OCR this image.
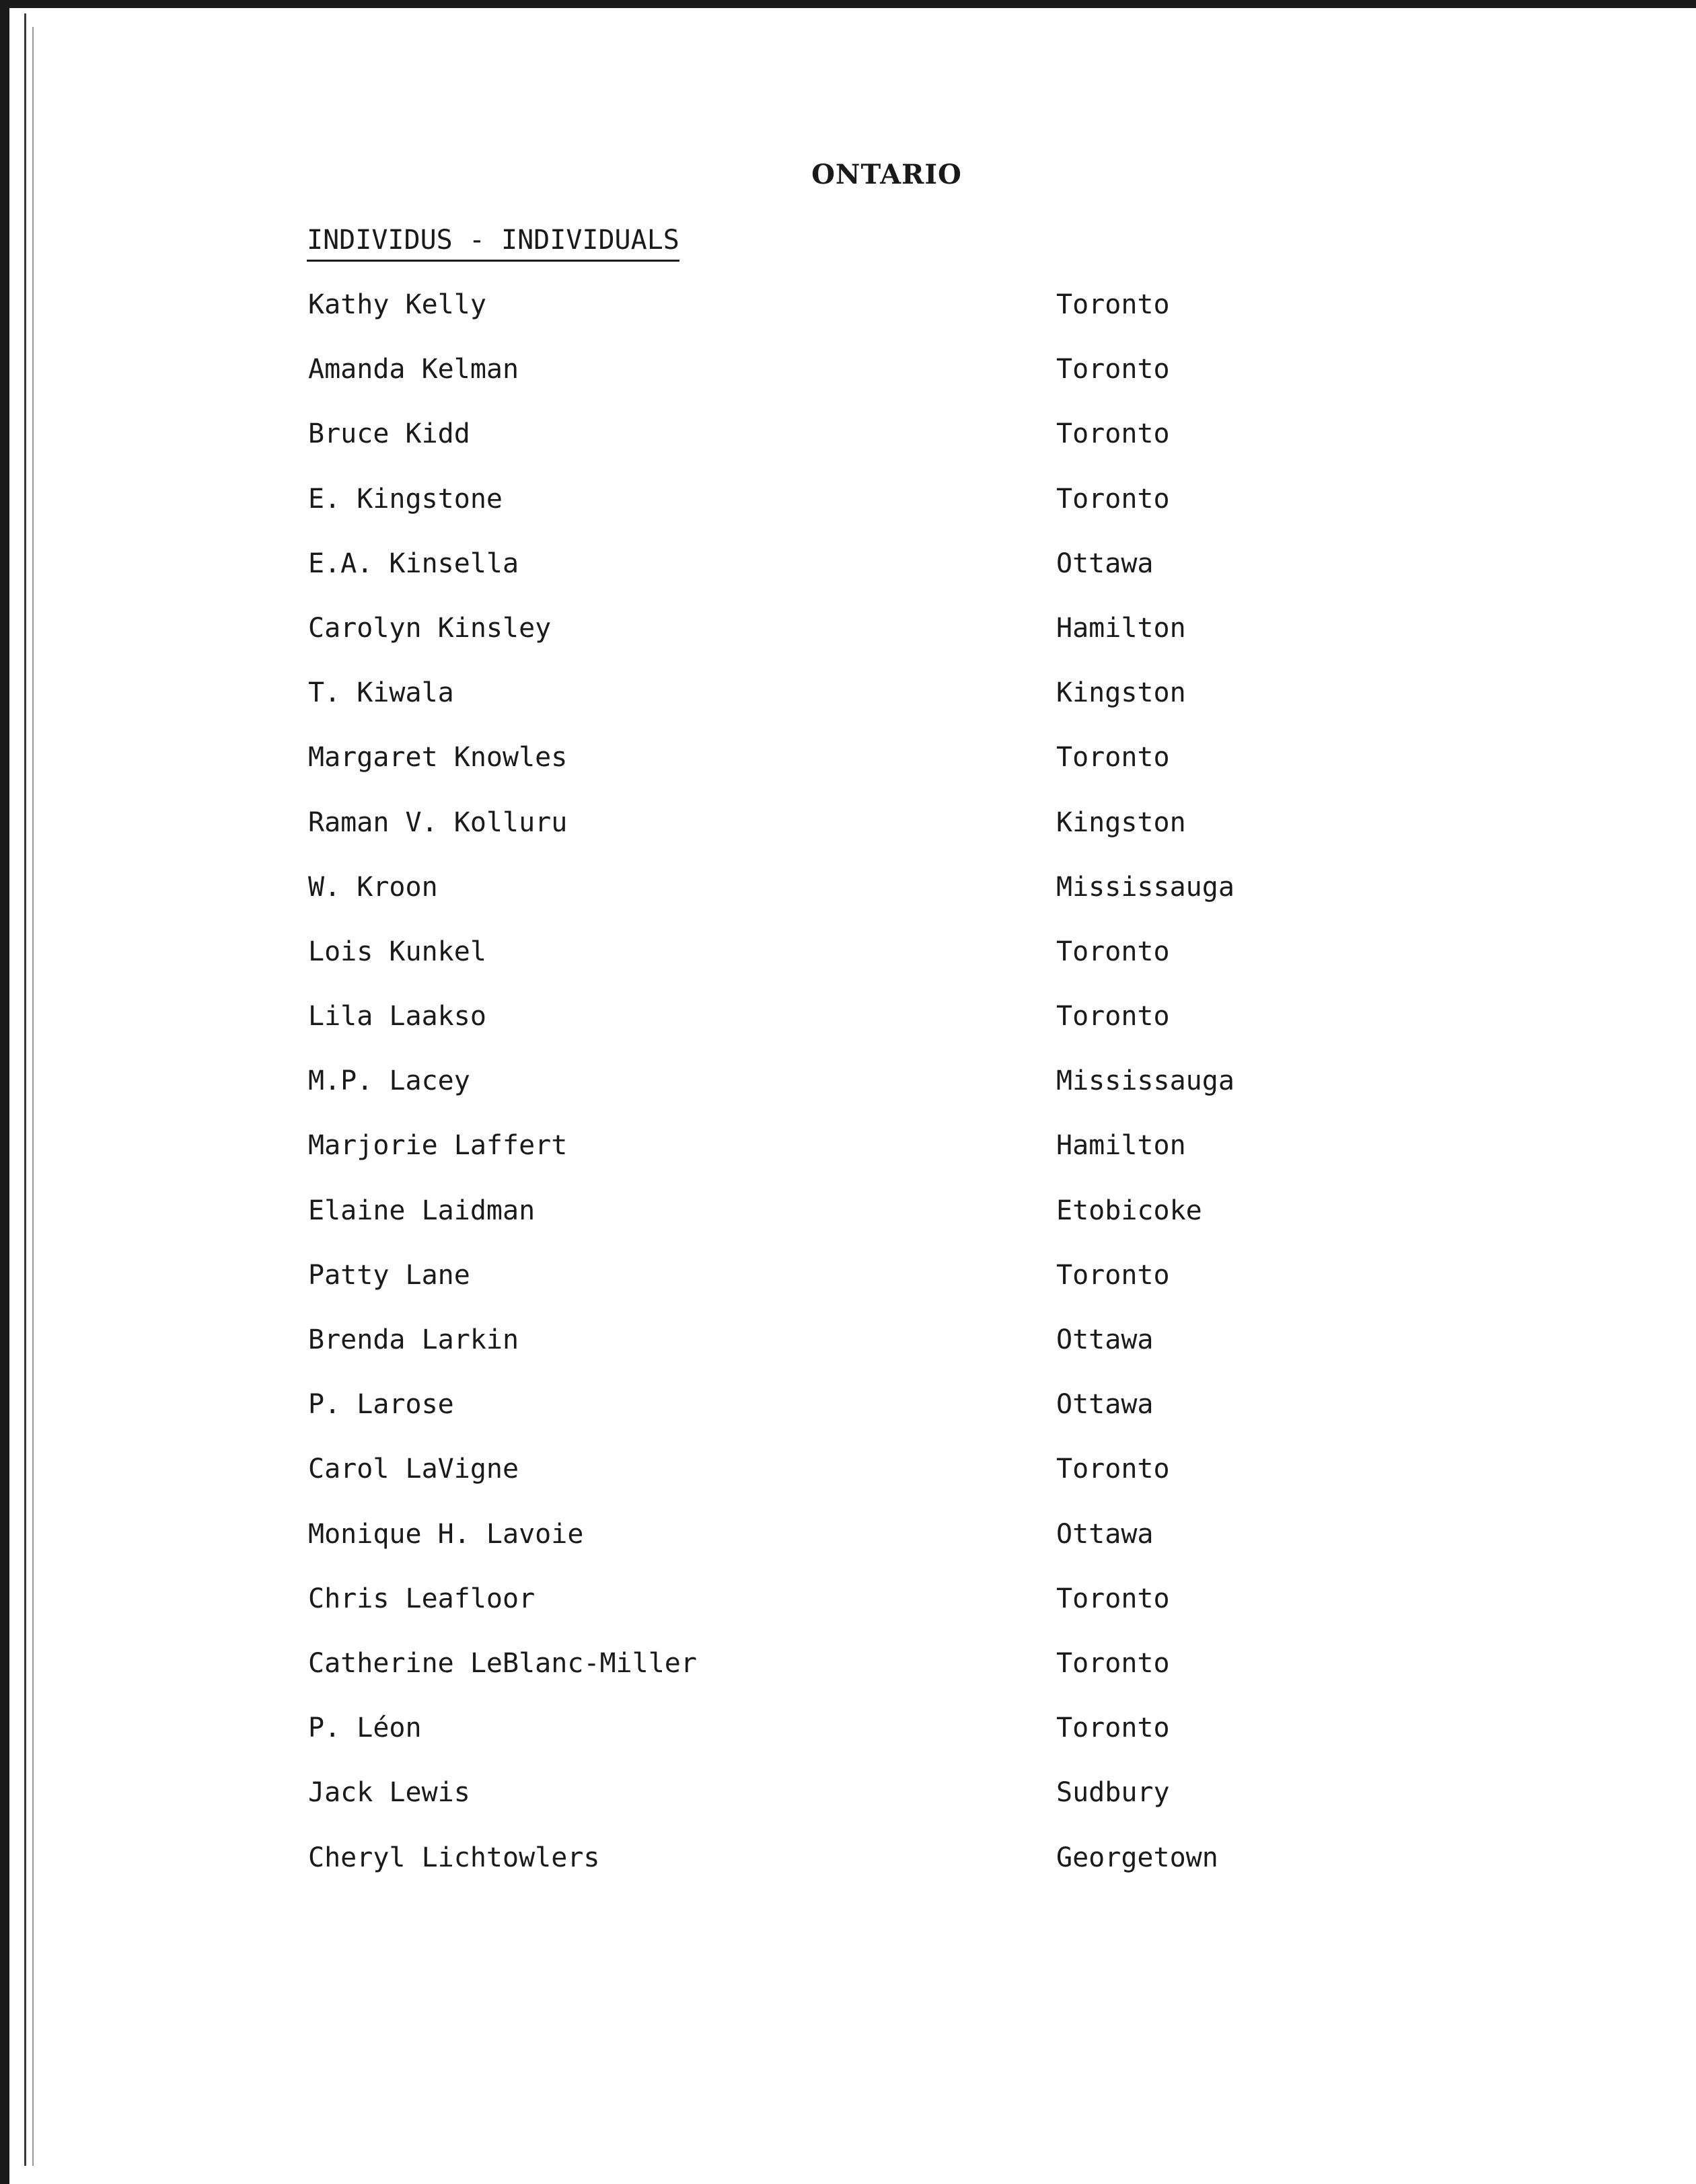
ONTARIO
INDIVIDUS - INDIVIDUALS
Kathy Kelly	Toronto
Amanda Kelman	Toronto
Bruce Kidd	Toronto
E. Kingstone	Toronto
E.A. Kinsella	Ottawa
Carolyn Kinsley	Hamilton
T. Kiwala	Kingston
Margaret Knowles	Toronto
Raman V. Kolluru	Kingston
W. Kroon	Mississauga
Lois Kunkel	Toronto
Lila Laakso	Toronto
M.P. Lacey	Mississauga
Marjorie Laffert	Hamilton
Elaine Laidman	Etobicoke
Patty Lane	Toronto
Brenda Larkin	Ottawa
P. Larose	Ottawa
Carol LaVigne	Toronto
Monique H. Lavoie	Ottawa
Chris Leafloor	Toronto
Catherine LeBlanc-Miller	Toronto
P. Léon	Toronto
Jack Lewis	Sudbury
Cheryl Lichtowlers	Georgetown
